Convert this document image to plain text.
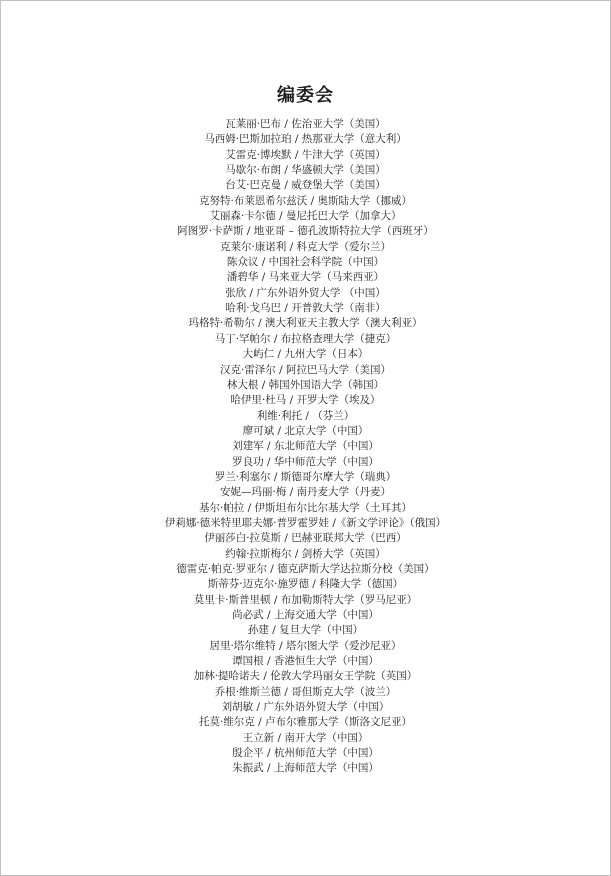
编委会
瓦莱丽·巴布 / 佐治亚大学（美国）
马西姆·巴斯加拉珀 / 热那亚大学（意大利）
艾雷克·博埃默 / 牛津大学（英国）
马歇尔·布朗 / 华盛顿大学（美国）
台艾·巴克曼 / 威登堡大学（美国）
克努特·布莱恩希尔兹沃 / 奥斯陆大学（挪威）
艾丽森·卡尔德 / 曼尼托巴大学（加拿大）
阿图罗·卡萨斯 / 地亚哥 – 德孔波斯特拉大学（西班牙）
克莱尔·康诺利 / 科克大学（爱尔兰）
陈众议 / 中国社会科学院（中国）
潘碧华 / 马来亚大学（马来西亚）
张欣 / 广东外语外贸大学 （中国）
哈利·戈乌巴 / 开普敦大学（南非）
玛格特·希勒尔 / 澳大利亚天主教大学（澳大利亚）
马丁·罕帕尔 / 布拉格查理大学（捷克）
大屿仁 / 九州大学（日本）
汉克·雷泽尔 / 阿拉巴马大学（美国）
林大根 / 韩国外国语大学（韩国）
哈伊里·杜马 / 开罗大学（埃及）
利维·利托 / （芬兰）
廖可斌 / 北京大学（中国）
刘建军 / 东北师范大学（中国）
罗良功 / 华中师范大学（中国）
罗兰·利塞尔 / 斯德哥尔摩大学（瑞典）
安妮—玛丽·梅 / 南丹麦大学（丹麦）
基尔·帕拉 / 伊斯坦布尔比尔基大学（土耳其）
伊莉娜·德米特里耶夫娜·普罗霍罗娃 /《新文学评论》（俄国）
伊丽莎白·拉莫斯 / 巴赫亚联邦大学（巴西）
约翰·拉斯梅尔 / 剑桥大学（英国）
德雷克·帕克·罗亚尔 / 德克萨斯大学达拉斯分校（美国）
斯蒂芬·迈克尔·施罗德 / 科隆大学（德国）
莫里卡·斯普里顿 / 布加勒斯特大学（罗马尼亚）
尚必武 / 上海交通大学（中国）
孙建 / 复旦大学（中国）
居里·塔尔维特 / 塔尔图大学（爱沙尼亚）
谭国根 / 香港恒生大学（中国）
加林·提哈诺夫 / 伦敦大学玛丽女王学院（英国）
乔根·维斯兰德 / 哥但斯克大学（波兰）
刘胡敏 / 广东外语外贸大学（中国）
托莫·维尔克 / 卢布尔雅那大学（斯洛文尼亚）
王立新 / 南开大学（中国）
殷企平 / 杭州师范大学（中国）
朱振武 / 上海师范大学（中国）
